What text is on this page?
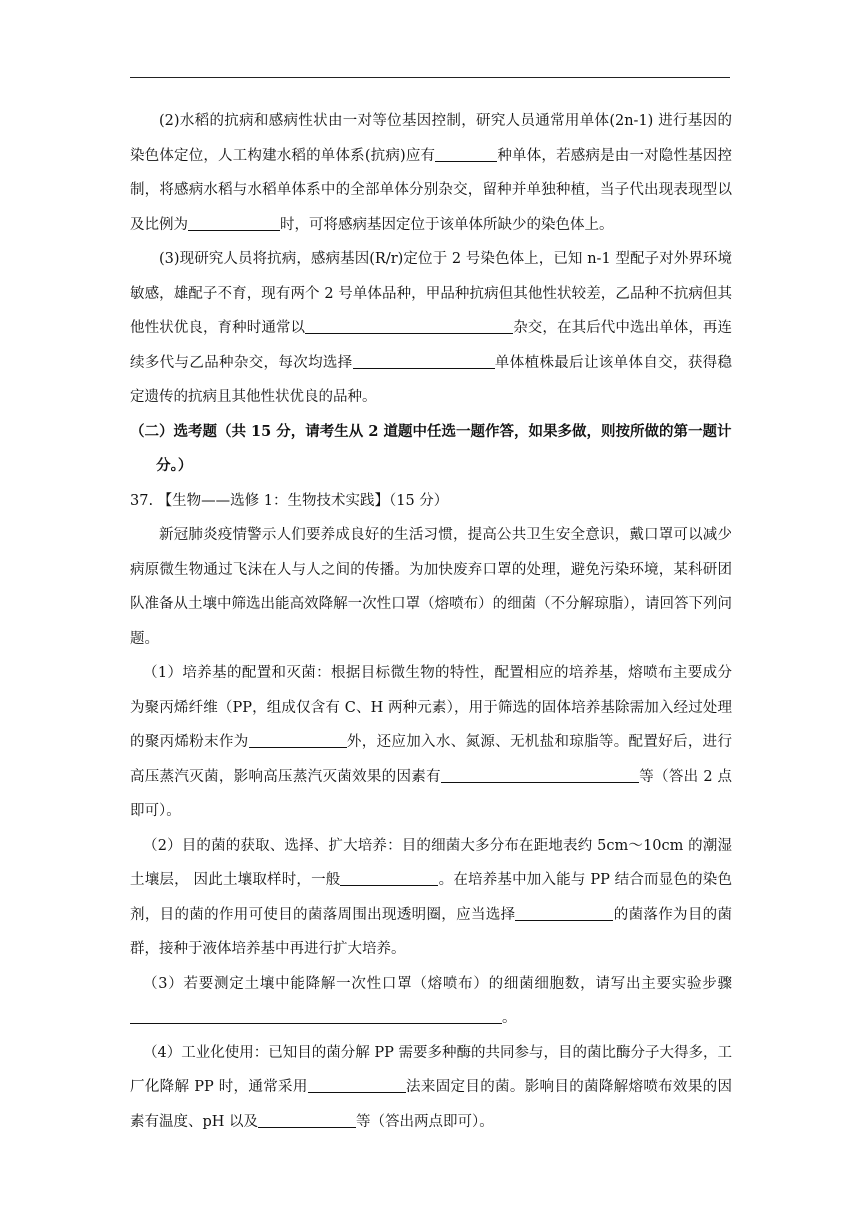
(2)水稻的抗病和感病性状由一对等位基因控制，研究人员通常用单体(2n-1) 进行基因的染色体定位，人工构建水稻的单体系(抗病)应有	种单体，若感病是由一对隐性基因控制，将感病水稻与水稻单体系中的全部单体分别杂交，留种并单独种植，当子代出现表现型以及比例为	时，可将感病基因定位于该单体所缺少的染色体上。

(3)现研究人员将抗病，感病基因(R/r)定位于 2 号染色体上，已知 n-1 型配子对外界环境敏感，雄配子不育，现有两个 2 号单体品种，甲品种抗病但其他性状较差，乙品种不抗病但其他性状优良，育种时通常以	杂交，在其后代中选出单体，再连续多代与乙品种杂交，每次均选择	单体植株最后让该单体自交，获得稳定遗传的抗病且其他性状优良的品种。

（二）选考题（共 15 分，请考生从 2 道题中任选一题作答，如果多做，则按所做的第一题计分。）

37. 【生物——选修 1：生物技术实践】（15 分）

新冠肺炎疫情警示人们要养成良好的生活习惯，提高公共卫生安全意识，戴口罩可以减少病原微生物通过飞沫在人与人之间的传播。为加快废弃口罩的处理，避免污染环境，某科研团队准备从土壤中筛选出能高效降解一次性口罩（熔喷布）的细菌（不分解琼脂），请回答下列问题。

（1）培养基的配置和灭菌：根据目标微生物的特性，配置相应的培养基，熔喷布主要成分为聚丙烯纤维（PP，组成仅含有 C、H 两种元素），用于筛选的固体培养基除需加入经过处理的聚丙烯粉末作为	外，还应加入水、氮源、无机盐和琼脂等。配置好后，进行高压蒸汽灭菌，影响高压蒸汽灭菌效果的因素有	等（答出 2 点即可）。

（2）目的菌的获取、选择、扩大培养：目的细菌大多分布在距地表约 5cm～10cm 的潮湿土壤层， 因此土壤取样时，一般	。在培养基中加入能与 PP 结合而显色的染色剂，目的菌的作用可使目的菌落周围出现透明圈，应当选择	的菌落作为目的菌群，接种于液体培养基中再进行扩大培养。

（3）若要测定土壤中能降解一次性口罩（熔喷布）的细菌细胞数，请写出主要实验步骤。

（4）工业化使用：已知目的菌分解 PP 需要多种酶的共同参与，目的菌比酶分子大得多，工厂化降解 PP 时，通常采用	法来固定目的菌。影响目的菌降解熔喷布效果的因素有温度、pH 以及	等（答出两点即可）。
